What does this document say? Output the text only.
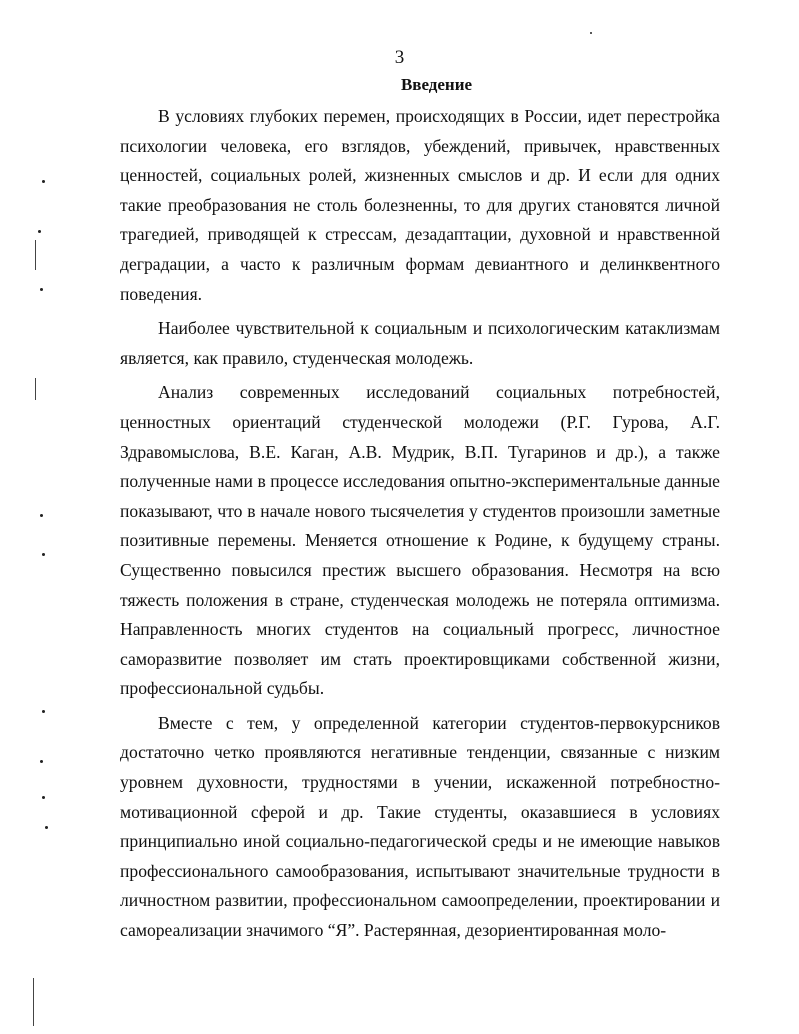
3
Введение

В условиях глубоких перемен, происходящих в России, идет перестройка психологии человека, его взглядов, убеждений, привычек, нравственных ценностей, социальных ролей, жизненных смыслов и др. И если для одних такие преобразования не столь болезненны, то для других становятся личной трагедией, приводящей к стрессам, дезадаптации, духовной и нравственной деградации, а часто к различным формам девиантного и делинквентного поведения.

Наиболее чувствительной к социальным и психологическим катаклизмам является, как правило, студенческая молодежь.

Анализ современных исследований социальных потребностей, ценностных ориентаций студенческой молодежи (Р.Г. Гурова, А.Г. Здравомыслова, В.Е. Каган, А.В. Мудрик, В.П. Тугаринов и др.), а также полученные нами в процессе исследования опытно-экспериментальные данные показывают, что в начале нового тысячелетия у студентов произошли заметные позитивные перемены. Меняется отношение к Родине, к будущему страны. Существенно повысился престиж высшего образования. Несмотря на всю тяжесть положения в стране, студенческая молодежь не потеряла оптимизма. Направленность многих студентов на социальный прогресс, личностное саморазвитие позволяет им стать проектировщиками собственной жизни, профессиональной судьбы.

Вместе с тем, у определенной категории студентов-первокурсников достаточно четко проявляются негативные тенденции, связанные с низким уровнем духовности, трудностями в учении, искаженной потребностно-мотивационной сферой и др. Такие студенты, оказавшиеся в условиях принципиально иной социально-педагогической среды и не имеющие навыков профессионального самообразования, испытывают значительные трудности в личностном развитии, профессиональном самоопределении, проектировании и самореализации значимого “Я”. Растерянная, дезориентированная моло-
